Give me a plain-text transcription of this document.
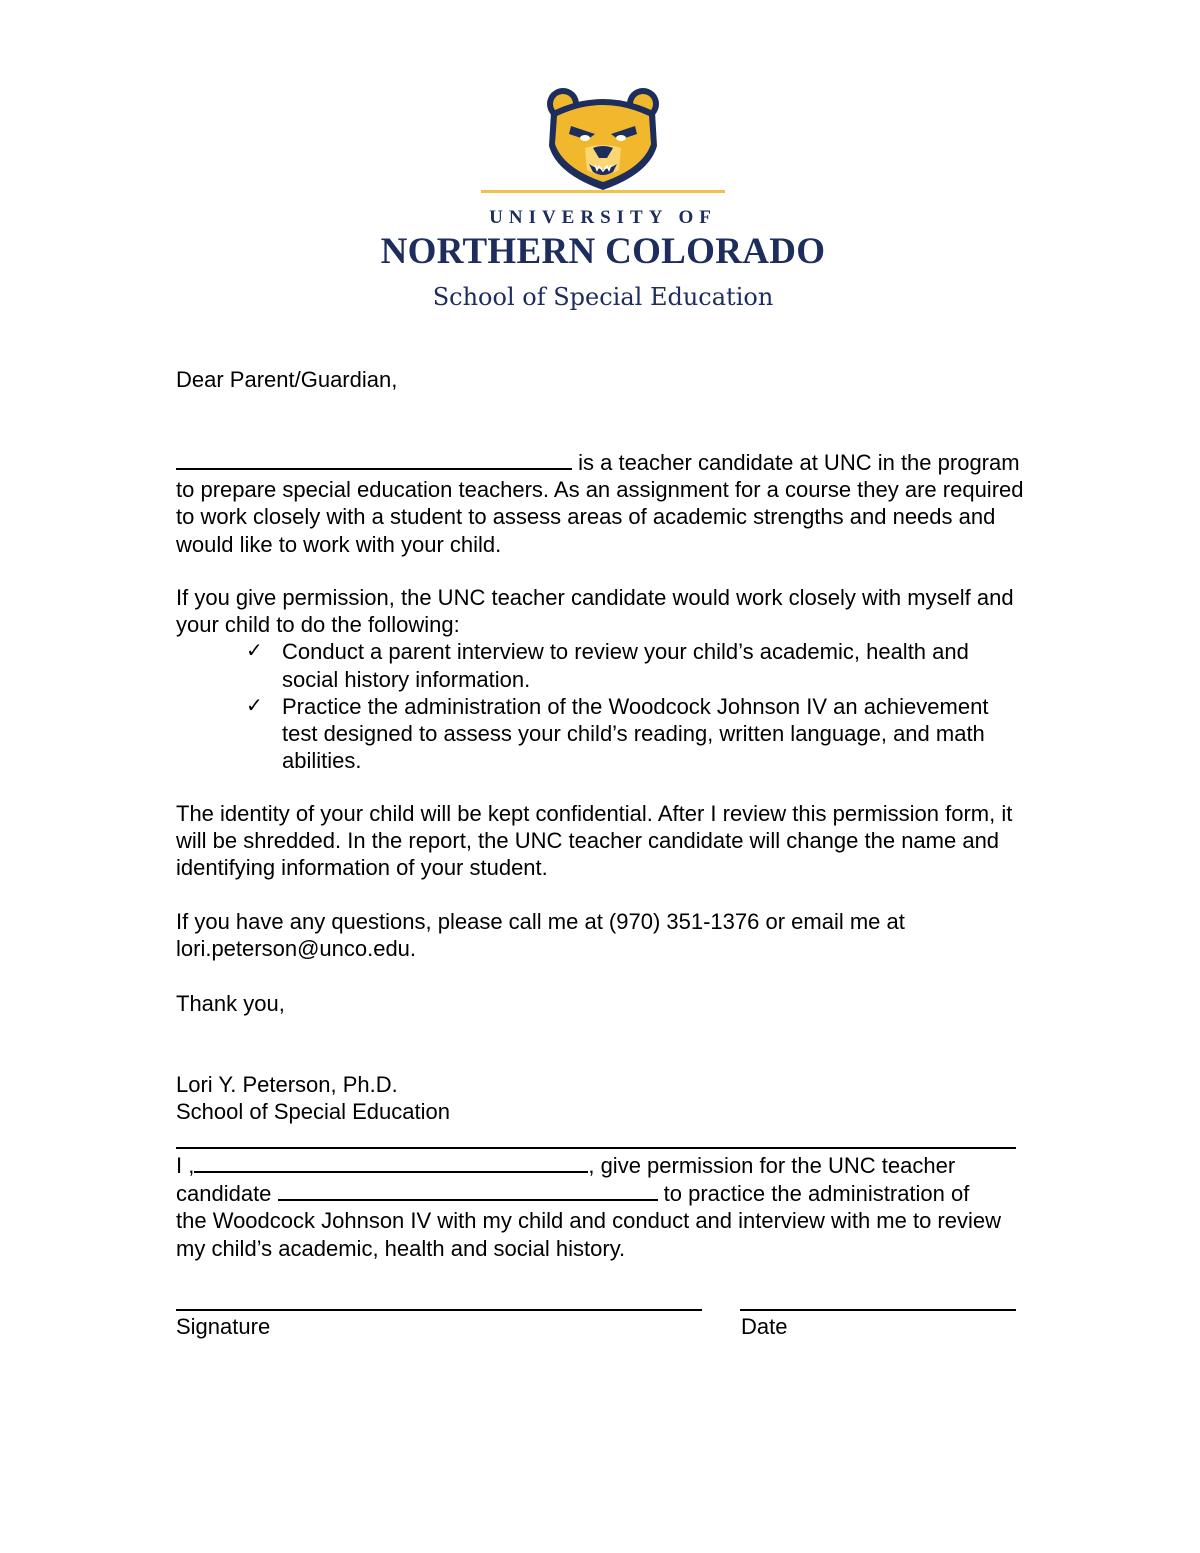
UNIVERSITY OF
NORTHERN COLORADO
School of Special Education

Dear Parent/Guardian,

is a teacher candidate at UNC in the program to prepare special education teachers. As an assignment for a course they are required to work closely with a student to assess areas of academic strengths and needs and would like to work with your child.

If you give permission, the UNC teacher candidate would work closely with myself and your child to do the following:

✓ Conduct a parent interview to review your child’s academic, health and social history information.
✓ Practice the administration of the Woodcock Johnson IV an achievement test designed to assess your child’s reading, written language, and math abilities.

The identity of your child will be kept confidential. After I review this permission form, it will be shredded. In the report, the UNC teacher candidate will change the name and identifying information of your student.

If you have any questions, please call me at (970) 351-1376 or email me at lori.peterson@unco.edu.

Thank you,

Lori Y. Peterson, Ph.D.

School of Special Education

I ,	, give permission for the UNC teacher
candidate	to practice the administration of
the Woodcock Johnson IV with my child and conduct and interview with me to review my child’s academic, health and social history.

Signature	Date
